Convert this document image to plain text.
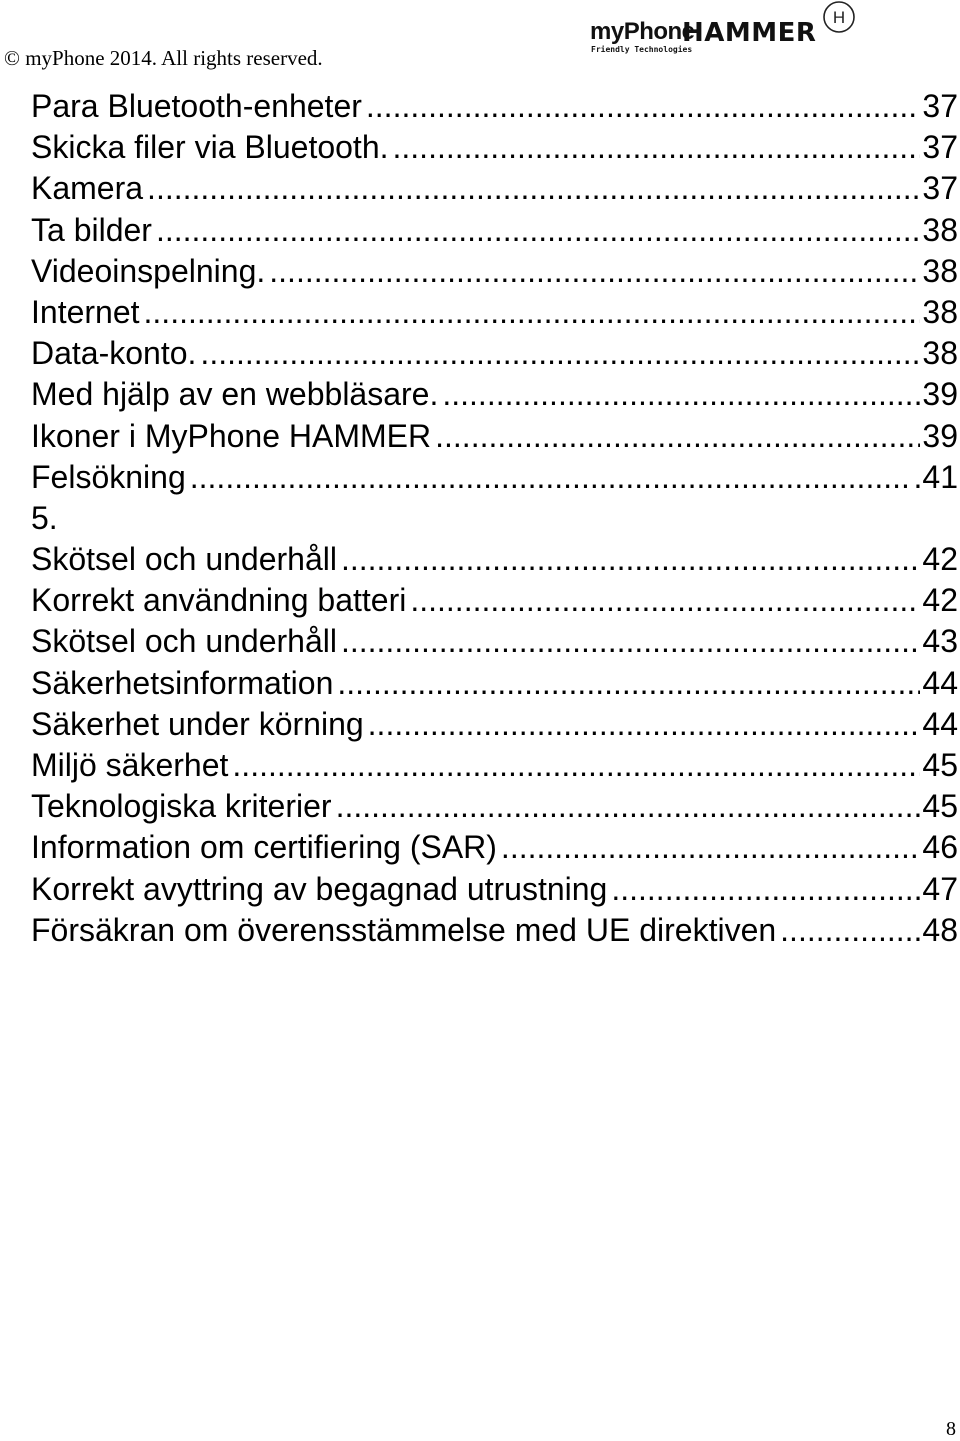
© myPhone 2014. All rights reserved.
myPhone
Friendly Technologies
HAMMER
H
Para Bluetooth-enheter .....	37
Skicka filer via Bluetooth. .....	37
Kamera .....	37
Ta bilder .....	38
Videoinspelning. .....	38
Internet .....	38
Data-konto. .....	38
Med hjälp av en webbläsare. .....	39
Ikoner i MyPhone HAMMER .....	39
Felsökning .....	.41
5.
Skötsel och underhåll .....	42
Korrekt användning batteri .....	42
Skötsel och underhåll .....	43
Säkerhetsinformation .....	44
Säkerhet under körning .....	44
Miljö säkerhet .....	45
Teknologiska kriterier .....	45
Information om certifiering (SAR) .....	46
Korrekt avyttring av begagnad utrustning .....	47
Försäkran om överensstämmelse med UE direktiven .....	48
8
